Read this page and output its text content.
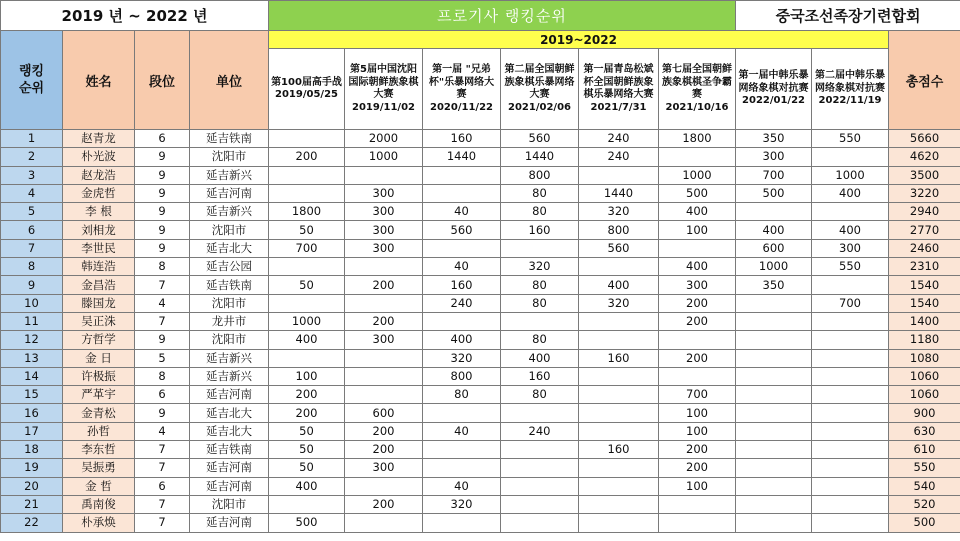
2019 년 ~ 2022 년				프로기사 랭킹순위						중국조선족장기련합회		
랭킹
순위	姓名	段位	单位	2019~2022								총점수
				第100届高手战 2019/05/25	第5届中国沈阳国际朝鲜族象棋大赛 2019/11/02	第一届 "兄弟杯"乐暴网络大赛 2020/11/22	第二届全国朝鲜族象棋乐暴网络大赛 2021/02/06	第一届青岛松斌杯全国朝鲜族象棋乐暴网络大赛 2021/7/31	第七届全国朝鲜族象棋棋圣争霸赛 2021/10/16	第一届中韩乐暴网络象棋对抗赛 2022/01/22	第二届中韩乐暴网络象棋对抗赛 2022/11/19	
1	赵青龙	6	延吉铁南		2000	160	560	240	1800	350	550	5660
2	朴光波	9	沈阳市	200	1000	1440	1440	240		300		4620
3	赵龙浩	9	延吉新兴				800		1000	700	1000	3500
4	金虎哲	9	延吉河南		300		80	1440	500	500	400	3220
5	李 根	9	延吉新兴	1800	300	40	80	320	400			2940
6	刘相龙	9	沈阳市	50	300	560	160	800	100	400	400	2770
7	李世民	9	延吉北大	700	300			560		600	300	2460
8	韩连浩	8	延吉公园			40	320		400	1000	550	2310
9	金昌浩	7	延吉铁南	50	200	160	80	400	300	350		1540
10	滕国龙	4	沈阳市			240	80	320	200		700	1540
11	吴正洙	7	龙井市	1000	200				200			1400
12	方哲学	9	沈阳市	400	300	400	80					1180
13	金 日	5	延吉新兴			320	400	160	200			1080
14	许极振	8	延吉新兴	100		800	160					1060
15	严革宇	6	延吉河南	200		80	80		700			1060
16	金青松	9	延吉北大	200	600				100			900
17	孙哲	4	延吉北大	50	200	40	240		100			630
18	李东哲	7	延吉铁南	50	200			160	200			610
19	吴振勇	7	延吉河南	50	300				200			550
20	金 哲	6	延吉河南	400		40			100			540
21	禹南俊	7	沈阳市		200	320						520
22	朴承焕	7	延吉河南	500								500
